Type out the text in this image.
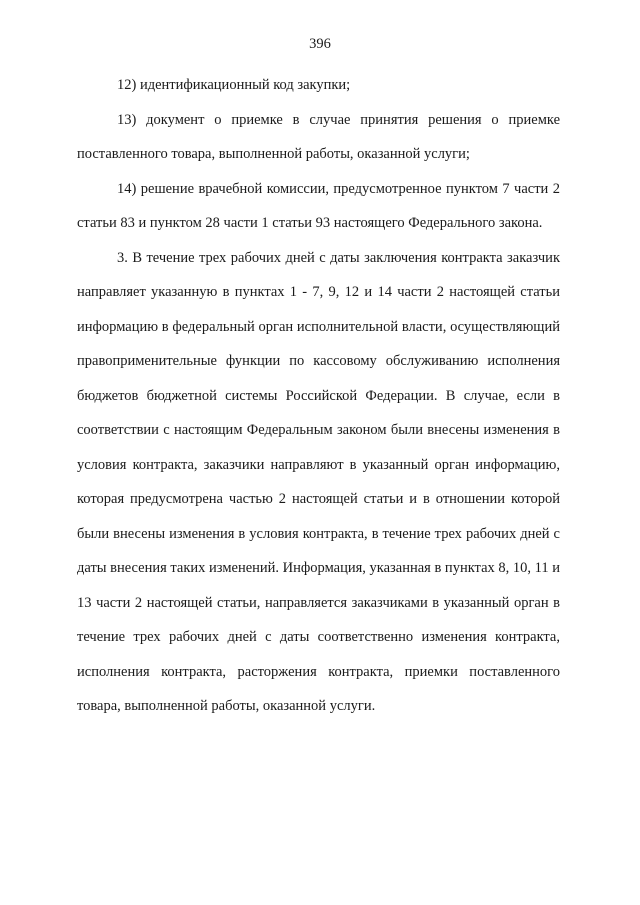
396

12) идентификационный код закупки;

13) документ о приемке в случае принятия решения о приемке поставленного товара, выполненной работы, оказанной услуги;

14) решение врачебной комиссии, предусмотренное пунктом 7 части 2 статьи 83 и пунктом 28 части 1 статьи 93 настоящего Федерального закона.

3. В течение трех рабочих дней с даты заключения контракта заказчик направляет указанную в пунктах 1 - 7, 9, 12 и 14 части 2 настоящей статьи информацию в федеральный орган исполнительной власти, осуществляющий правоприменительные функции по кассовому обслуживанию исполнения бюджетов бюджетной системы Российской Федерации. В случае, если в соответствии с настоящим Федеральным законом были внесены изменения в условия контракта, заказчики направляют в указанный орган информацию, которая предусмотрена частью 2 настоящей статьи и в отношении которой были внесены изменения в условия контракта, в течение трех рабочих дней с даты внесения таких изменений. Информация, указанная в пунктах 8, 10, 11 и 13 части 2 настоящей статьи, направляется заказчиками в указанный орган в течение трех рабочих дней с даты соответственно изменения контракта, исполнения контракта, расторжения контракта, приемки поставленного товара, выполненной работы, оказанной услуги.
